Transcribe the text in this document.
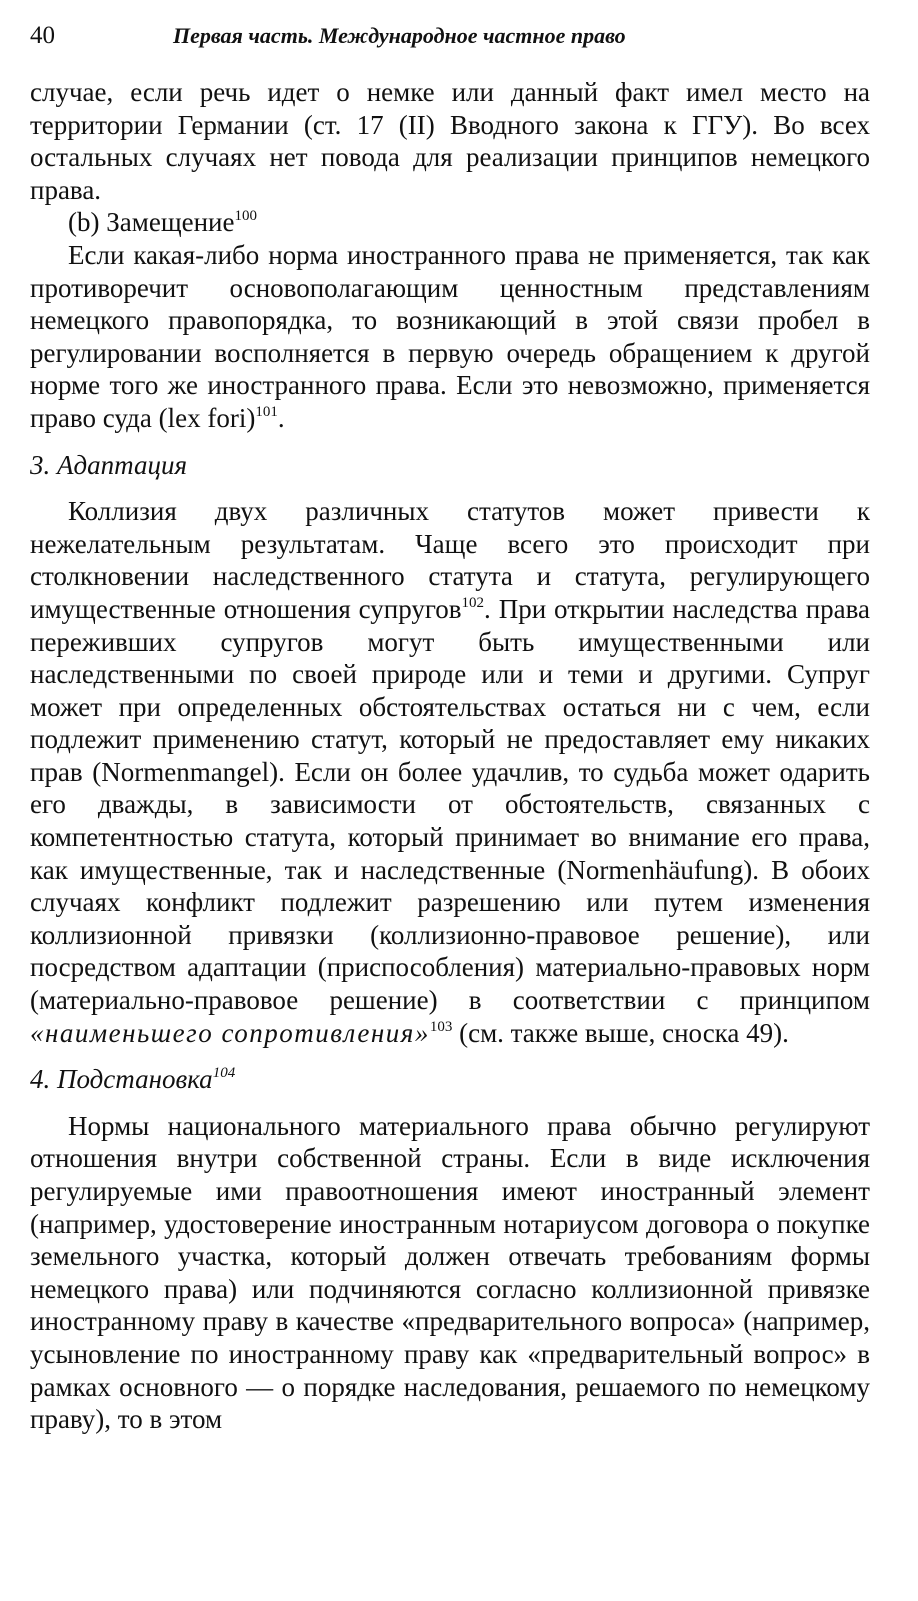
40	Первая часть. Международное частное право

случае, если речь идет о немке или данный факт имел место на территории Германии (ст. 17 (II) Вводного закона к ГГУ). Во всех остальных случаях нет повода для реализации принципов немецкого права.

(b) Замещение$^{100}$

Если какая-либо норма иностранного права не применяется, так как противоречит основополагающим ценностным представлениям немецкого правопорядка, то возникающий в этой связи пробел в регулировании восполняется в первую очередь обращением к другой норме того же иностранного права. Если это невозможно, применяется право суда (lex fori)$^{101}$.

3. Адаптация

Коллизия двух различных статутов может привести к нежелательным результатам. Чаще всего это происходит при столкновении наследственного статута и статута, регулирующего имущественные отношения супругов$^{102}$. При открытии наследства права переживших супругов могут быть имущественными или наследственными по своей природе или и теми и другими. Супруг может при определенных обстоятельствах остаться ни с чем, если подлежит применению статут, который не предоставляет ему никаких прав (Normenmangel). Если он более удачлив, то судьба может одарить его дважды, в зависимости от обстоятельств, связанных с компетентностью статута, который принимает во внимание его права, как имущественные, так и наследственные (Normenhäufung). В обоих случаях конфликт подлежит разрешению или путем изменения коллизионной привязки (коллизионно-правовое решение), или посредством адаптации (приспособления) материально-правовых норм (материально-правовое решение) в соответствии с принципом «наименьшего сопротивления»$^{103}$ (см. также выше, сноска 49).

4. Подстановка$^{104}$

Нормы национального материального права обычно регулируют отношения внутри собственной страны. Если в виде исключения регулируемые ими правоотношения имеют иностранный элемент (например, удостоверение иностранным нотариусом договора о покупке земельного участка, который должен отвечать требованиям формы немецкого права) или подчиняются согласно коллизионной привязке иностранному праву в качестве «предварительного вопроса» (например, усыновление по иностранному праву как «предварительный вопрос» в рамках основного — о порядке наследования, решаемого по немецкому праву), то в этом
